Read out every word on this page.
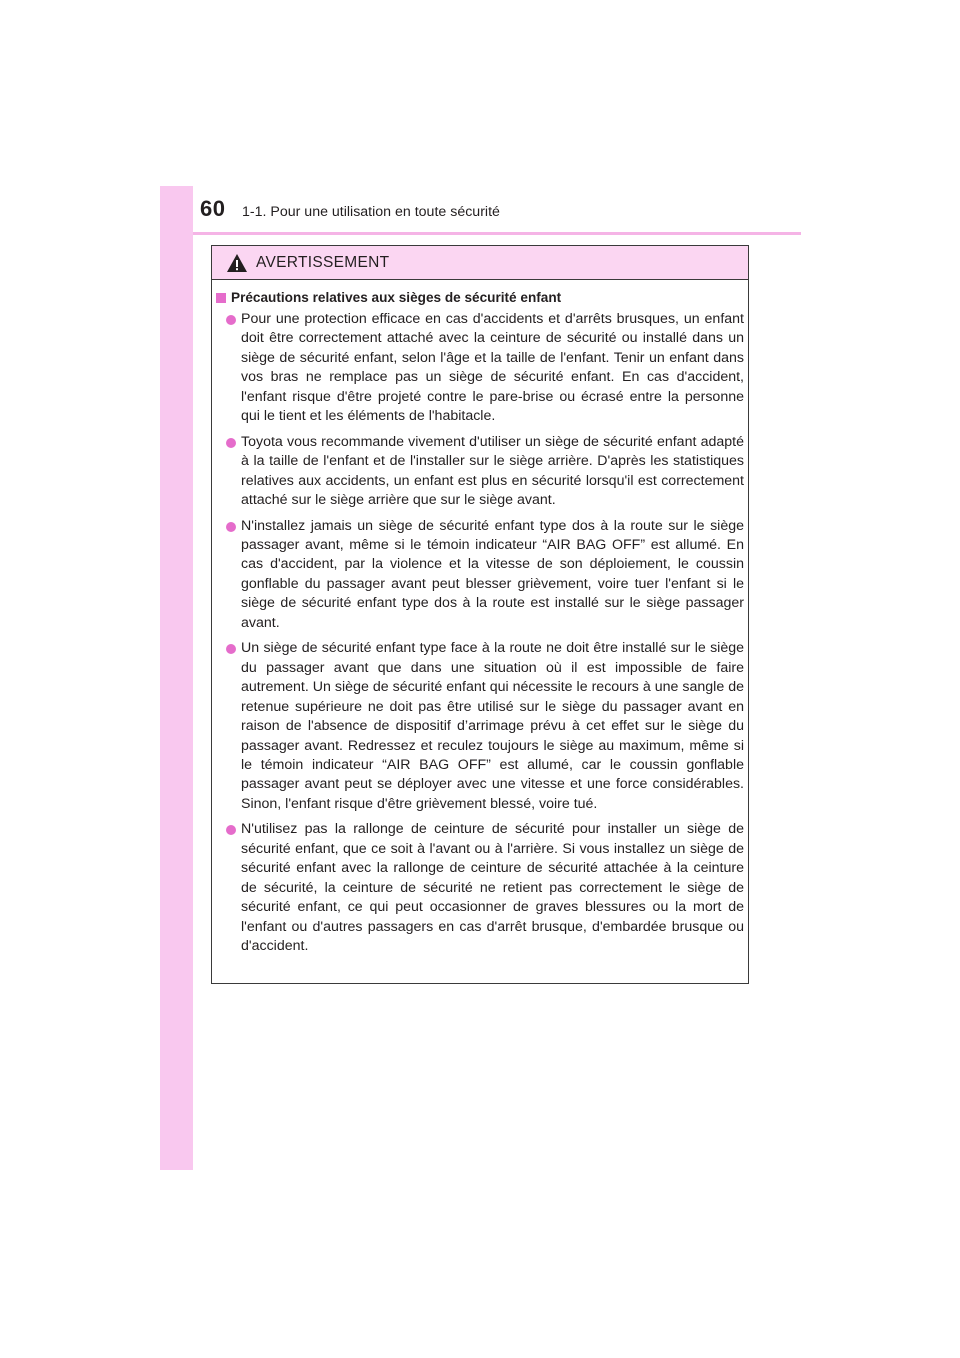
60 1-1. Pour une utilisation en toute sécurité
AVERTISSEMENT
Précautions relatives aux sièges de sécurité enfant

Pour une protection efficace en cas d'accidents et d'arrêts brusques, un enfant doit être correctement attaché avec la ceinture de sécurité ou installé dans un siège de sécurité enfant, selon l'âge et la taille de l'enfant. Tenir un enfant dans vos bras ne remplace pas un siège de sécurité enfant. En cas d'accident, l'enfant risque d'être projeté contre le pare-brise ou écrasé entre la personne qui le tient et les éléments de l'habitacle.

Toyota vous recommande vivement d'utiliser un siège de sécurité enfant adapté à la taille de l'enfant et de l'installer sur le siège arrière. D'après les statistiques relatives aux accidents, un enfant est plus en sécurité lorsqu'il est correctement attaché sur le siège arrière que sur le siège avant.

N'installez jamais un siège de sécurité enfant type dos à la route sur le siège passager avant, même si le témoin indicateur “AIR BAG OFF” est allumé. En cas d'accident, par la violence et la vitesse de son déploiement, le coussin gonflable du passager avant peut blesser grièvement, voire tuer l'enfant si le siège de sécurité enfant type dos à la route est installé sur le siège passager avant.

Un siège de sécurité enfant type face à la route ne doit être installé sur le siège du passager avant que dans une situation où il est impossible de faire autrement. Un siège de sécurité enfant qui nécessite le recours à une sangle de retenue supérieure ne doit pas être utilisé sur le siège du passager avant en raison de l'absence de dispositif d’arrimage prévu à cet effet sur le siège du passager avant. Redressez et reculez toujours le siège au maximum, même si le témoin indicateur “AIR BAG OFF” est allumé, car le coussin gonflable passager avant peut se déployer avec une vitesse et une force considérables. Sinon, l'enfant risque d'être grièvement blessé, voire tué.

N'utilisez pas la rallonge de ceinture de sécurité pour installer un siège de sécurité enfant, que ce soit à l'avant ou à l'arrière. Si vous installez un siège de sécurité enfant avec la rallonge de ceinture de sécurité attachée à la ceinture de sécurité, la ceinture de sécurité ne retient pas correctement le siège de sécurité enfant, ce qui peut occasionner de graves blessures ou la mort de l'enfant ou d'autres passagers en cas d'arrêt brusque, d'embardée brusque ou d'accident.
